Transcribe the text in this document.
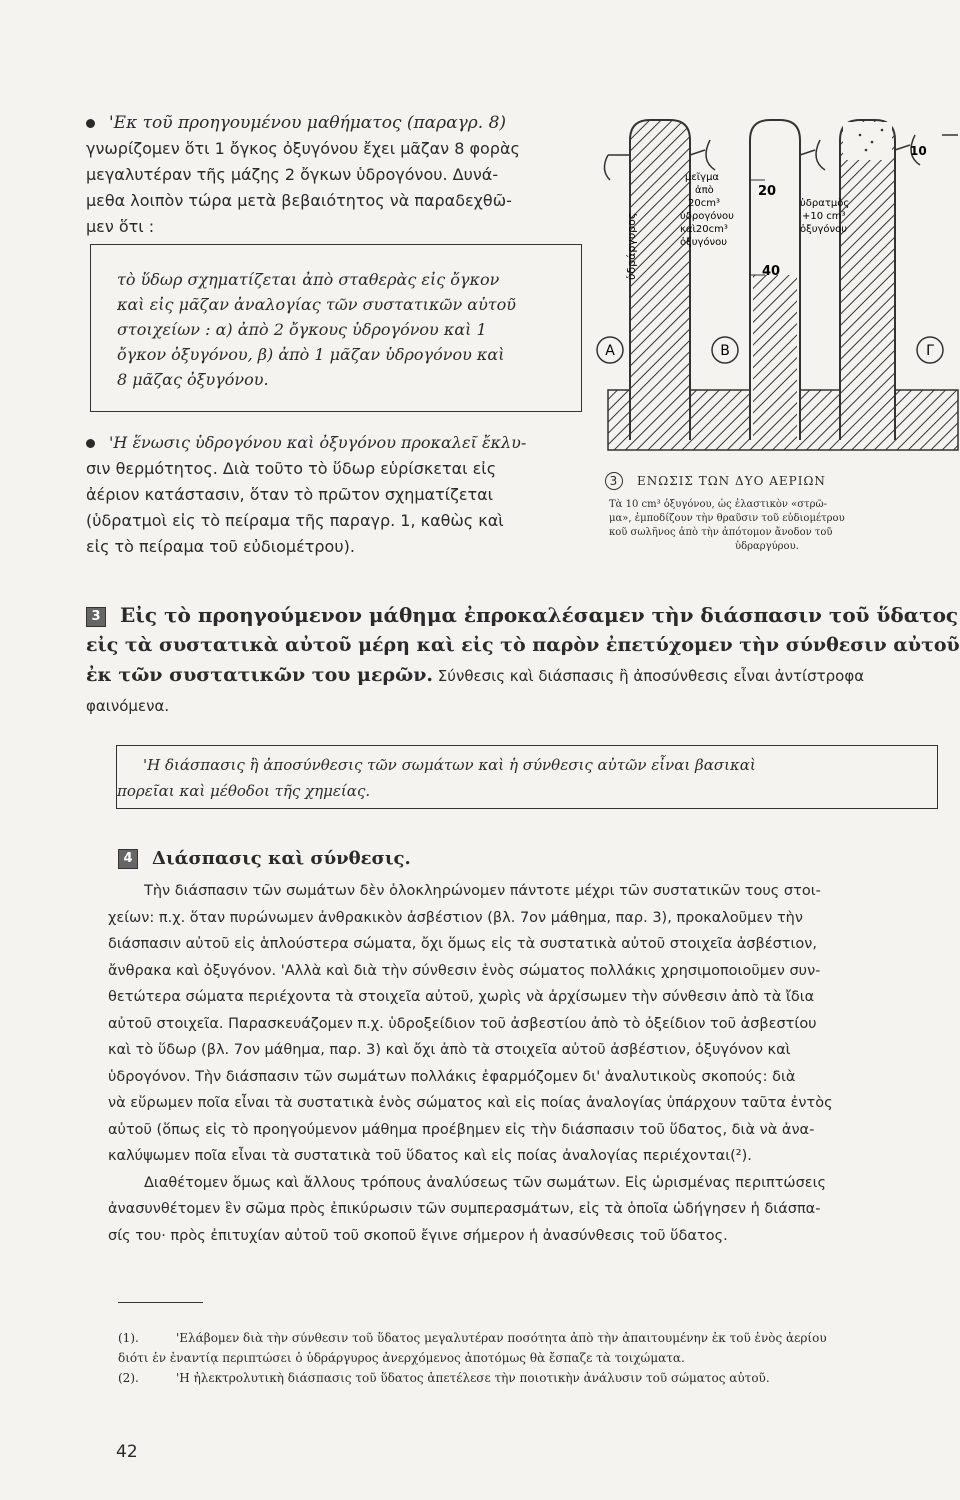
'Εκ τοῦ προηγουμένου μαθήματος (παραγρ. 8)
γνωρίζομεν ὅτι 1 ὄγκος ὀξυγόνου ἔχει μᾶζαν 8 φορὰς
μεγαλυτέραν τῆς μάζης 2 ὄγκων ὑδρογόνου. Δυνά-
μεθα λοιπὸν τώρα μετὰ βεβαιότητος νὰ παραδεχθῶ-
μεν ὅτι :
τὸ ὕδωρ σχηματίζεται ἀπὸ σταθερὰς εἰς ὄγκον
καὶ εἰς μᾶζαν ἀναλογίας τῶν συστατικῶν αὐτοῦ
στοιχείων : α) ἀπὸ 2 ὄγκους ὑδρογόνου καὶ 1
ὄγκον ὀξυγόνου, β) ἀπὸ 1 μᾶζαν ὑδρογόνου καὶ
8 μᾶζας ὀξυγόνου.
'Η ἕνωσις ὑδρογόνου καὶ ὀξυγόνου προκαλεῖ ἔκλυ-
σιν θερμότητος. Διὰ τοῦτο τὸ ὕδωρ εὑρίσκεται εἰς
ἀέριον κατάστασιν, ὅταν τὸ πρῶτον σχηματίζεται
(ὑδρατμοὶ εἰς τὸ πείραμα τῆς παραγρ. 1, καθὼς καὶ
εἰς τὸ πείραμα τοῦ εὐδιομέτρου).
ὑδράργυρος
μεῖγμα
ἀπὸ
20cm³
ὑδρογόνου
καὶ20cm³
ὀξυγόνου
20
40
ὑδρατμὸς
+10 cm³
ὀξυγόνου
10
A	B	Γ
3 ΕΝΩΣΙΣ ΤΩΝ ΔΥΟ ΑΕΡΙΩΝ
Τὰ 10 cm³ ὀξυγόνου, ὡς ἐλαστικὸν «στρῶ-
μα», ἐμποδίζουν τὴν θραῦσιν τοῦ εὐδιομέτρου
κοῦ σωλῆνος ἀπὸ τὴν ἀπότομον ἄνοδον τοῦ
ὑδραργύρου.
3 Εἰς τὸ προηγούμενον μάθημα ἐπροκαλέσαμεν τὴν διάσπασιν τοῦ ὕδατος
εἰς τὰ συστατικὰ αὐτοῦ μέρη καὶ εἰς τὸ παρὸν ἐπετύχομεν τὴν σύνθεσιν αὐτοῦ
ἐκ τῶν συστατικῶν του μερῶν. Σύνθεσις καὶ διάσπασις ἢ ἀποσύνθεσις εἶναι ἀντίστροφα
φαινόμενα.
'Η διάσπασις ἢ ἀποσύνθεσις τῶν σωμάτων καὶ ἡ σύνθεσις αὐτῶν εἶναι βασικαὶ
πορεῖαι καὶ μέθοδοι τῆς χημείας.
4 Διάσπασις καὶ σύνθεσις.
Τὴν διάσπασιν τῶν σωμάτων δὲν ὁλοκληρώνομεν πάντοτε μέχρι τῶν συστατικῶν τους στοι-
χείων: π.χ. ὅταν πυρώνωμεν ἀνθρακικὸν ἀσβέστιον (βλ. 7ον μάθημα, παρ. 3), προκαλοῦμεν τὴν
διάσπασιν αὐτοῦ εἰς ἁπλούστερα σώματα, ὄχι ὅμως εἰς τὰ συστατικὰ αὐτοῦ στοιχεῖα ἀσβέστιον,
ἄνθρακα καὶ ὀξυγόνον. 'Αλλὰ καὶ διὰ τὴν σύνθεσιν ἑνὸς σώματος πολλάκις χρησιμοποιοῦμεν συν-
θετώτερα σώματα περιέχοντα τὰ στοιχεῖα αὐτοῦ, χωρὶς νὰ ἀρχίσωμεν τὴν σύνθεσιν ἀπὸ τὰ ἴδια
αὐτοῦ στοιχεῖα. Παρασκευάζομεν π.χ. ὑδροξείδιον τοῦ ἀσβεστίου ἀπὸ τὸ ὀξείδιον τοῦ ἀσβεστίου
καὶ τὸ ὕδωρ (βλ. 7ον μάθημα, παρ. 3) καὶ ὄχι ἀπὸ τὰ στοιχεῖα αὐτοῦ ἀσβέστιον, ὀξυγόνον καὶ
ὑδρογόνον. Τὴν διάσπασιν τῶν σωμάτων πολλάκις ἐφαρμόζομεν δι' ἀναλυτικοὺς σκοπούς: διὰ
νὰ εὕρωμεν ποῖα εἶναι τὰ συστατικὰ ἑνὸς σώματος καὶ εἰς ποίας ἀναλογίας ὑπάρχουν ταῦτα ἐντὸς
αὐτοῦ (ὅπως εἰς τὸ προηγούμενον μάθημα προέβημεν εἰς τὴν διάσπασιν τοῦ ὕδατος, διὰ νὰ ἀνα-
καλύψωμεν ποῖα εἶναι τὰ συστατικὰ τοῦ ὕδατος καὶ εἰς ποίας ἀναλογίας περιέχονται(²).
Διαθέτομεν ὅμως καὶ ἄλλους τρόπους ἀναλύσεως τῶν σωμάτων. Εἰς ὡρισμένας περιπτώσεις
ἀνασυνθέτομεν ἓν σῶμα πρὸς ἐπικύρωσιν τῶν συμπερασμάτων, εἰς τὰ ὁποῖα ὡδήγησεν ἡ διάσπα-
σίς του· πρὸς ἐπιτυχίαν αὐτοῦ τοῦ σκοποῦ ἔγινε σήμερον ἡ ἀνασύνθεσις τοῦ ὕδατος.
(1).	'Ελάβομεν διὰ τὴν σύνθεσιν τοῦ ὕδατος μεγαλυτέραν ποσότητα ἀπὸ τὴν ἀπαιτουμένην ἐκ τοῦ ἑνὸς ἀερίου
διότι ἐν ἐναντίᾳ περιπτώσει ὁ ὑδράργυρος ἀνερχόμενος ἀποτόμως θὰ ἔσπαζε τὰ τοιχώματα.
(2).	'Η ἠλεκτρολυτικὴ διάσπασις τοῦ ὕδατος ἀπετέλεσε τὴν ποιοτικὴν ἀνάλυσιν τοῦ σώματος αὐτοῦ.
42
